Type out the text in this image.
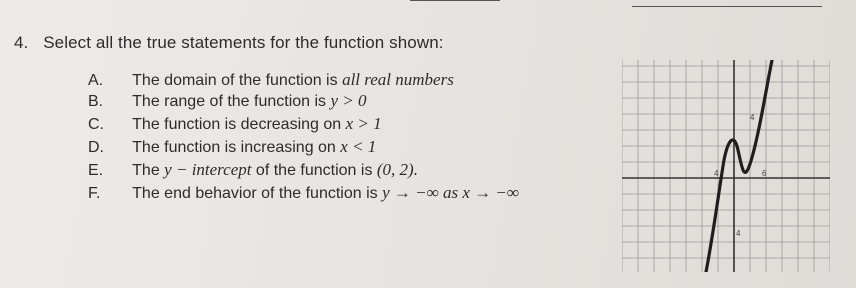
4. Select all the true statements for the function shown:
A. The domain of the function is all real numbers
B. The range of the function is y > 0
C. The function is decreasing on x > 1
D. The function is increasing on x < 1
E. The y − intercept of the function is (0, 2).
F. The end behavior of the function is y → −∞ as x → −∞
4
4
6
4
